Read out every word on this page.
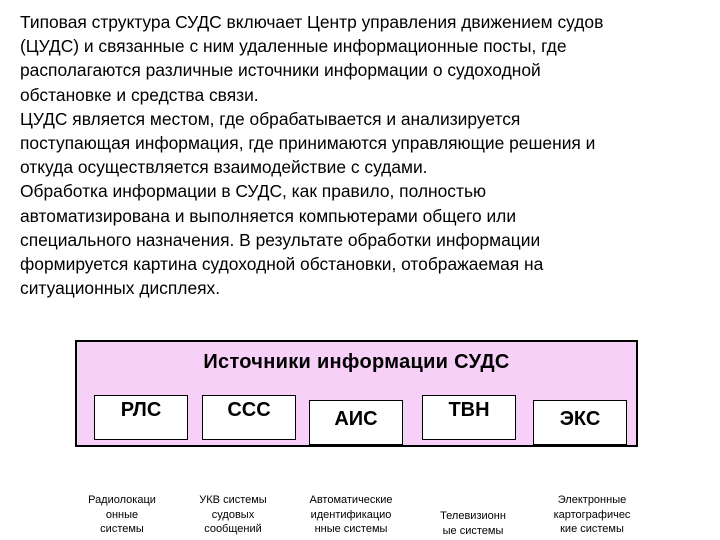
Типовая структура СУДС включает Центр управления движением судов
(ЦУДС) и связанные с ним удаленные информационные посты, где
располагаются различные источники информации о судоходной
обстановке и средства связи.

ЦУДС является местом, где обрабатывается и анализируется
поступающая информация, где принимаются управляющие решения и
откуда осуществляется взаимодействие с судами.

Обработка информации в СУДС, как правило, полностью
автоматизирована и выполняется компьютерами общего или
специального назначения. В результате обработки информации
формируется картина судоходной обстановки, отображаемая на
ситуационных дисплеях.

Источники информации СУДС
РЛС	ССС	АИС	ТВН	ЭКС
Радиолокаци
онные
системы
УКВ системы
судовых
сообщений
Автоматические
идентификацио
нные системы
Телевизионн
ые системы
Электронные
картографичес
кие системы
